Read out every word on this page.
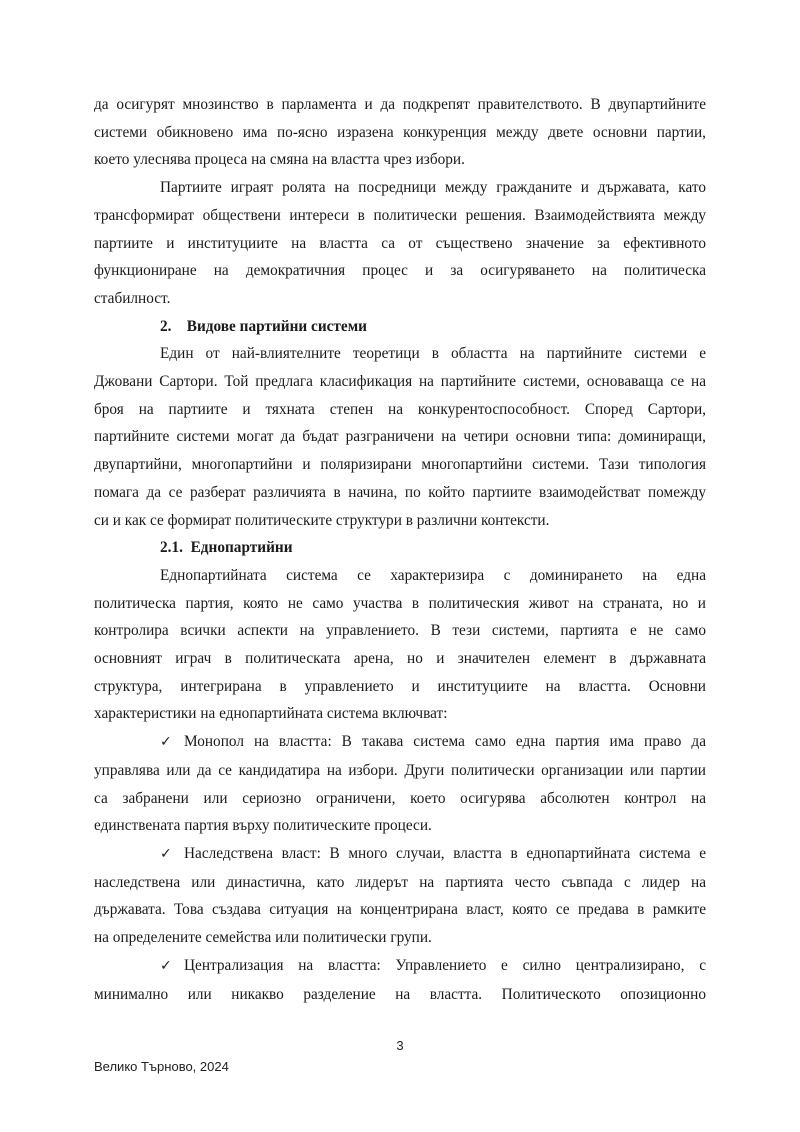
да осигурят мнозинство в парламента и да подкрепят правителството. В двупартийните
системи обикновено има по-ясно изразена конкуренция между двете основни партии,
което улеснява процеса на смяна на властта чрез избори.

Партиите играят ролята на посредници между гражданите и държавата, като
трансформират обществени интереси в политически решения. Взаимодействията между
партиите и институциите на властта са от съществено значение за ефективното
функциониране на демократичния процес и за осигуряването на политическа
стабилност.

2.    Видове партийни системи

Един от най-влиятелните теоретици в областта на партийните системи е
Джовани Сартори. Той предлага класификация на партийните системи, основаваща се на
броя на партиите и тяхната степен на конкурентоспособност. Според Сартори,
партийните системи могат да бъдат разграничени на четири основни типа: доминиращи,
двупартийни, многопартийни и поляризирани многопартийни системи. Тази типология
помага да се разберат различията в начина, по който партиите взаимодействат помежду
си и как се формират политическите структури в различни контексти.

2.1.  Еднопартийни

Еднопартийната система се характеризира с доминирането на една
политическа партия, която не само участва в политическия живот на страната, но и
контролира всички аспекти на управлението. В тези системи, партията е не само
основният играч в политическата арена, но и значителен елемент в държавната
структура, интегрирана в управлението и институциите на властта. Основни
характеристики на еднопартийната система включват:

✓ Монопол на властта: В такава система само една партия има право да
управлява или да се кандидатира на избори. Други политически организации или партии
са забранени или сериозно ограничени, което осигурява абсолютен контрол на
единствената партия върху политическите процеси.

✓ Наследствена власт: В много случаи, властта в еднопартийната система е
наследствена или династична, като лидерът на партията често съвпада с лидер на
държавата. Това създава ситуация на концентрирана власт, която се предава в рамките
на определените семейства или политически групи.

✓ Централизация на властта: Управлението е силно централизирано, с
минимално или никакво разделение на властта. Политическото опозиционно

3
Велико Търново, 2024
